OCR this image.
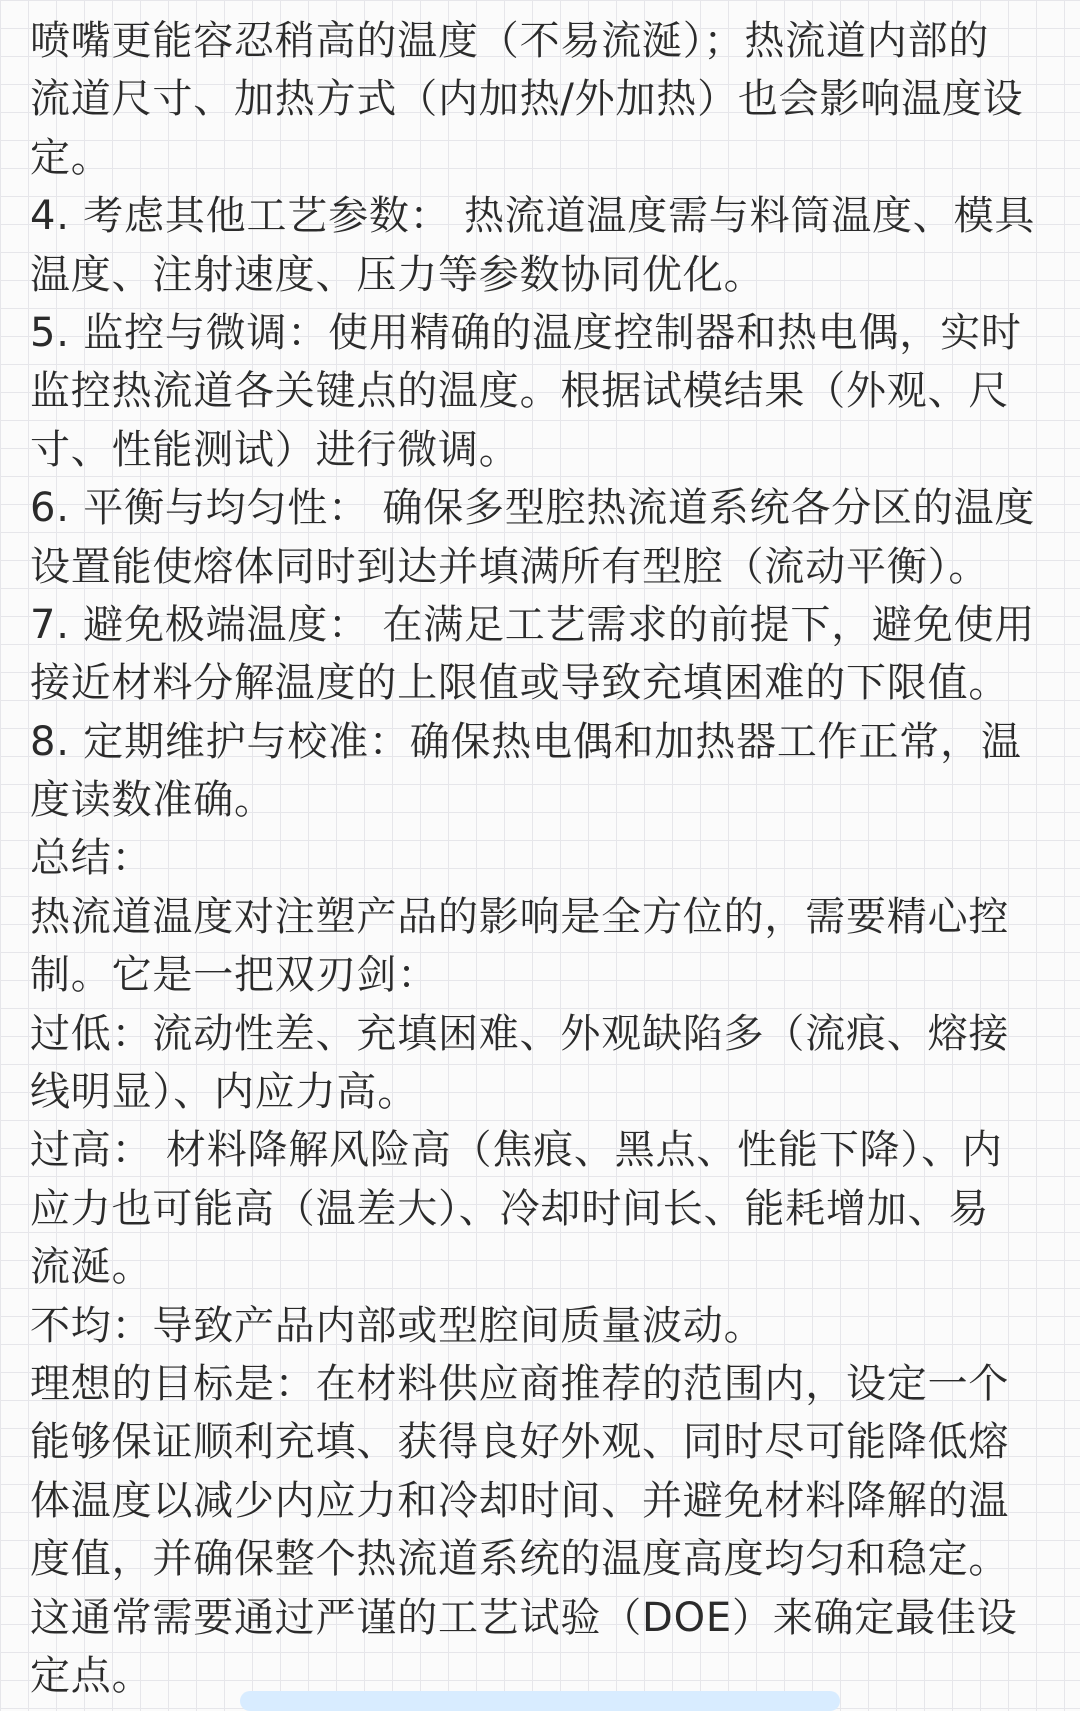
喷嘴更能容忍稍高的温度（不易流涎）；热流道内部的
流道尺寸、加热方式（内加热/外加热）也会影响温度设
定。
4. 考虑其他工艺参数： 热流道温度需与料筒温度、模具
温度、注射速度、压力等参数协同优化。
5. 监控与微调：使用精确的温度控制器和热电偶，实时
监控热流道各关键点的温度。根据试模结果（外观、尺
寸、性能测试）进行微调。
6. 平衡与均匀性： 确保多型腔热流道系统各分区的温度
设置能使熔体同时到达并填满所有型腔（流动平衡）。
7. 避免极端温度： 在满足工艺需求的前提下，避免使用
接近材料分解温度的上限值或导致充填困难的下限值。
8. 定期维护与校准：确保热电偶和加热器工作正常，温
度读数准确。
总结：
热流道温度对注塑产品的影响是全方位的，需要精心控
制。它是一把双刃剑：
过低：流动性差、充填困难、外观缺陷多（流痕、熔接
线明显）、内应力高。
过高： 材料降解风险高（焦痕、黑点、性能下降）、内
应力也可能高（温差大）、冷却时间长、能耗增加、易
流涎。
不均：导致产品内部或型腔间质量波动。
理想的目标是：在材料供应商推荐的范围内，设定一个
能够保证顺利充填、获得良好外观、同时尽可能降低熔
体温度以减少内应力和冷却时间、并避免材料降解的温
度值，并确保整个热流道系统的温度高度均匀和稳定。
这通常需要通过严谨的工艺试验（DOE）来确定最佳设
定点。
